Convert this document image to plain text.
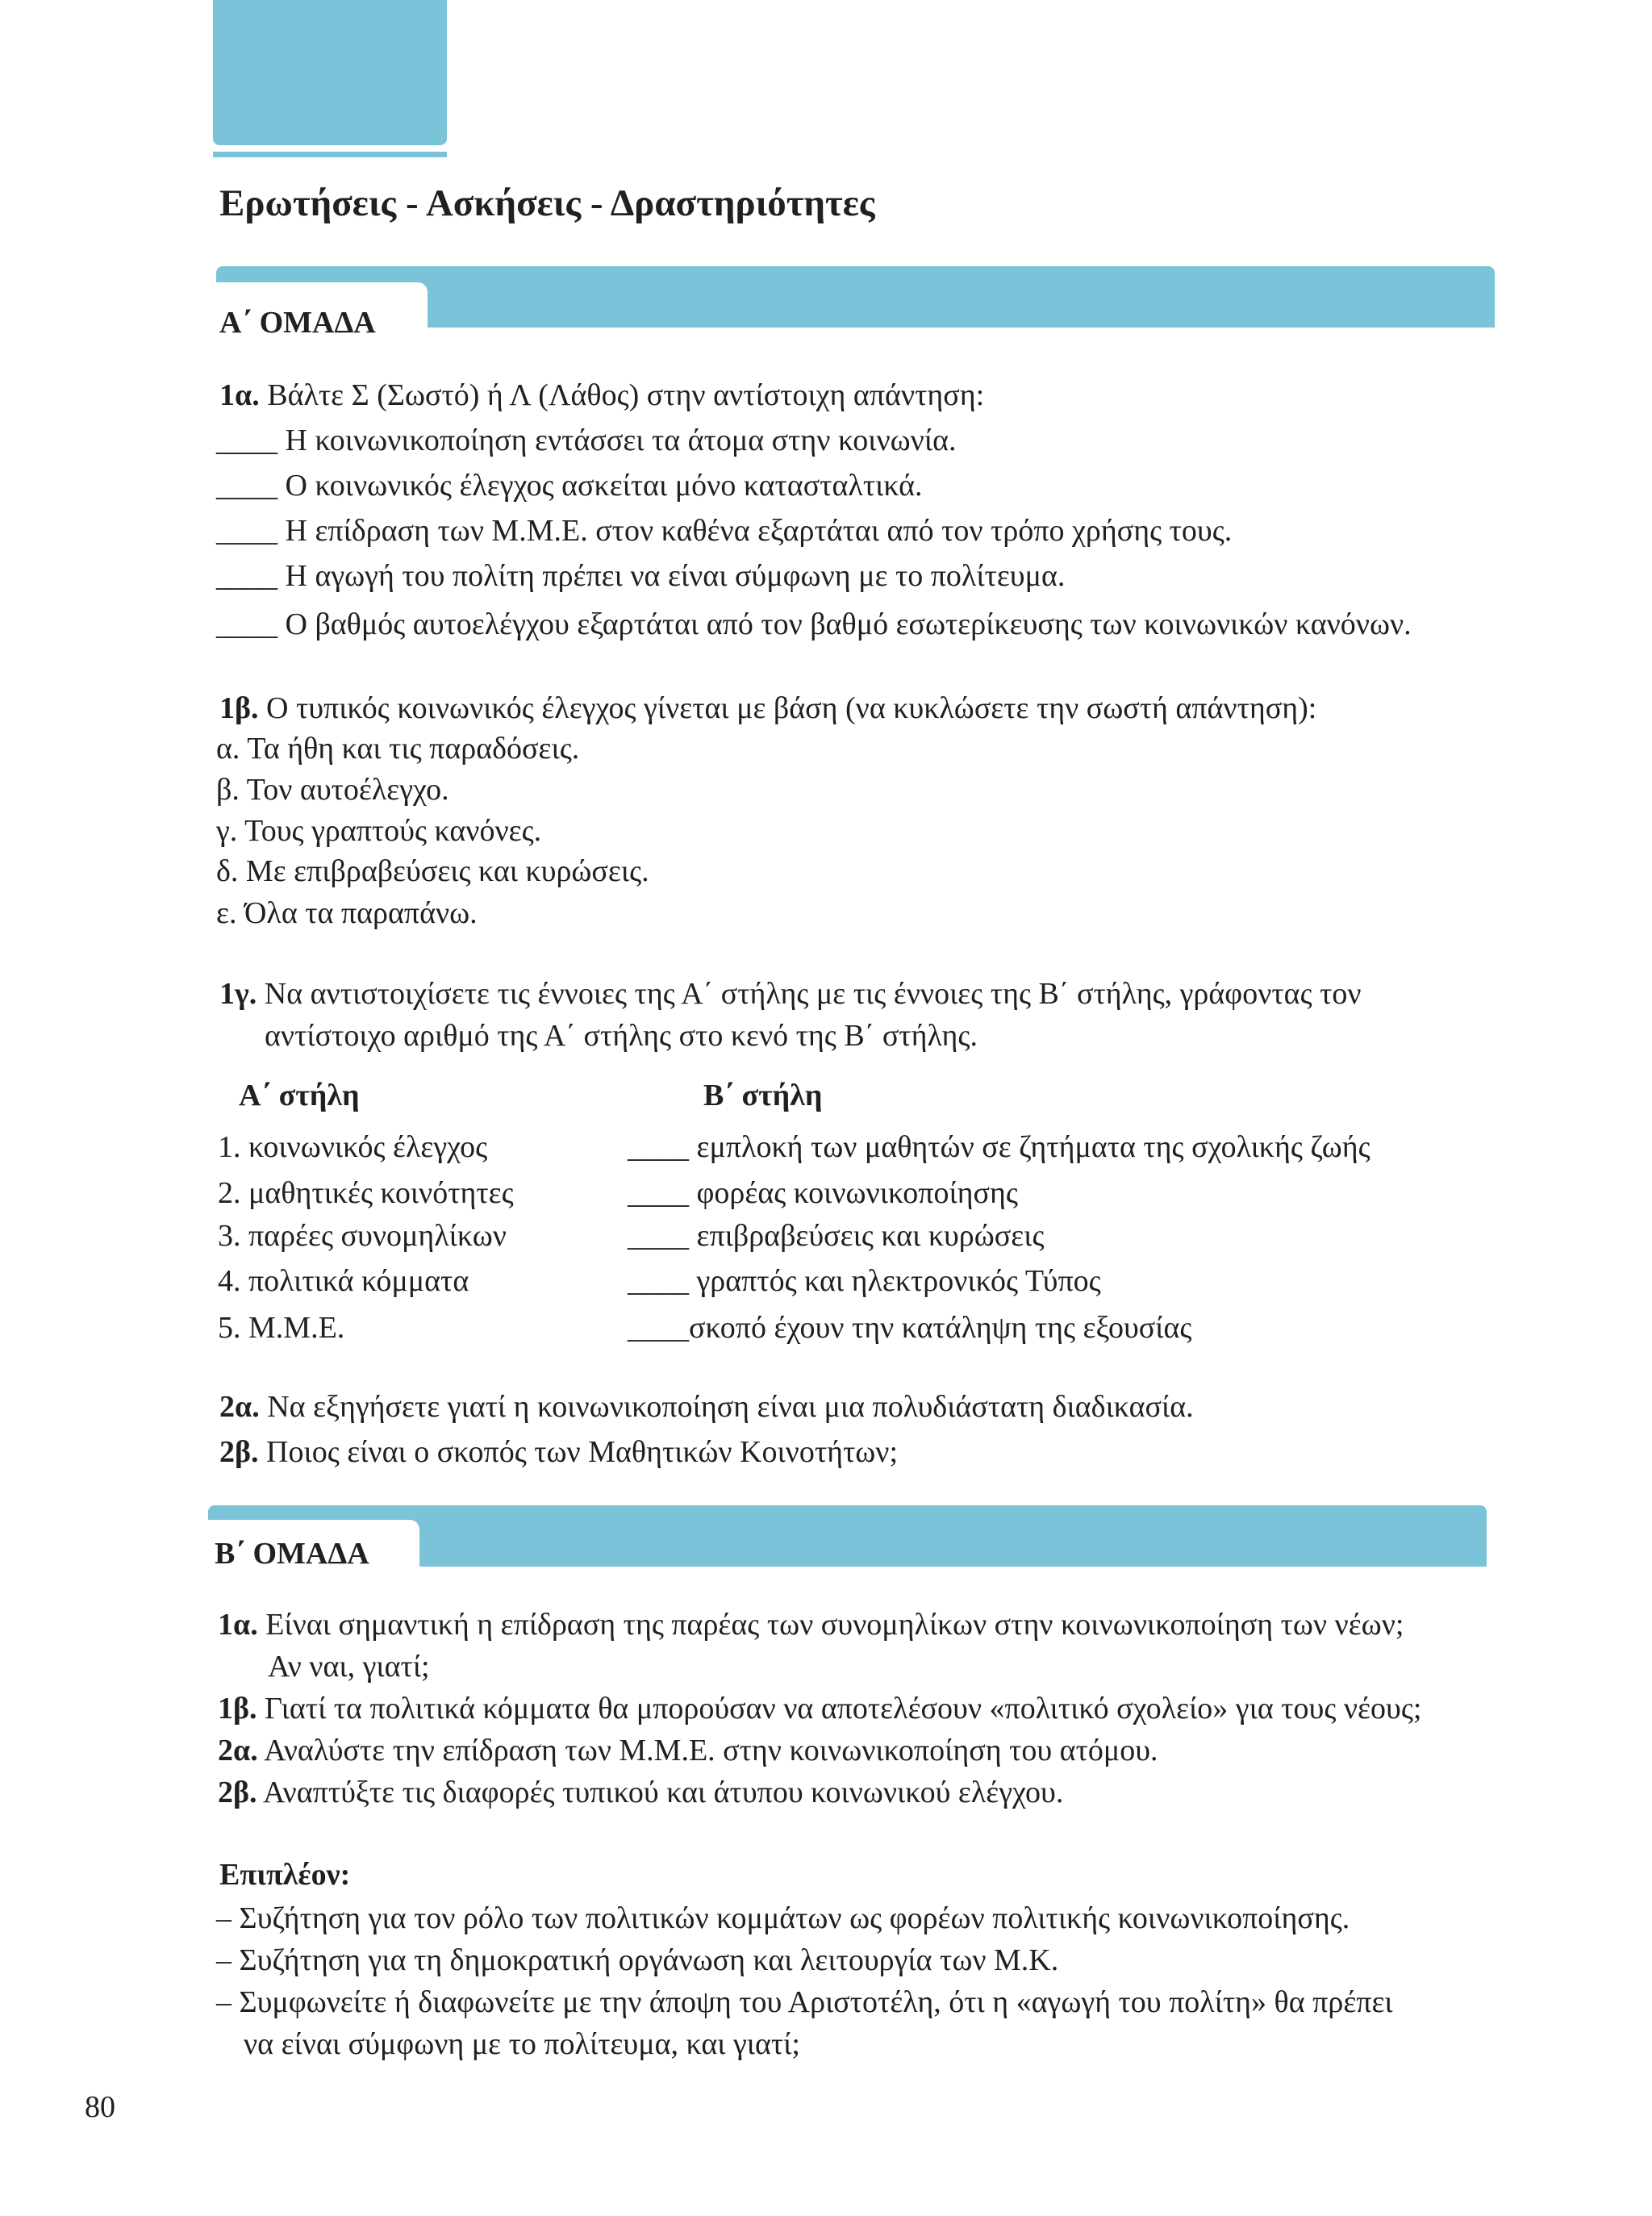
Ερωτήσεις - Ασκήσεις - Δραστηριότητες
Α΄ ΟΜΑΔΑ
1α. Βάλτε Σ (Σωστό) ή Λ (Λάθος) στην αντίστοιχη απάντηση:
____ Η κοινωνικοποίηση εντάσσει τα άτομα στην κοινωνία.
____ Ο κοινωνικός έλεγχος ασκείται μόνο κατασταλτικά.
____ Η επίδραση των Μ.Μ.Ε. στον καθένα εξαρτάται από τον τρόπο χρήσης τους.
____ Η αγωγή του πολίτη πρέπει να είναι σύμφωνη με το πολίτευμα.
____ Ο βαθμός αυτοελέγχου εξαρτάται από τον βαθμό εσωτερίκευσης των κοινωνικών κανόνων.
1β. Ο τυπικός κοινωνικός έλεγχος γίνεται με βάση (να κυκλώσετε την σωστή απάντηση):
α. Τα ήθη και τις παραδόσεις.
β. Τον αυτοέλεγχο.
γ. Τους γραπτούς κανόνες.
δ. Με επιβραβεύσεις και κυρώσεις.
ε. Όλα τα παραπάνω.
1γ. Να αντιστοιχίσετε τις έννοιες της Α΄ στήλης με τις έννοιες της Β΄ στήλης, γράφοντας τον
αντίστοιχο αριθμό της Α΄ στήλης στο κενό της Β΄ στήλης.
Α΄ στήλη	Β΄ στήλη
1. κοινωνικός έλεγχος
2. μαθητικές κοινότητες
3. παρέες συνομηλίκων
4. πολιτικά κόμματα
5. Μ.Μ.Ε.
____ εμπλοκή των μαθητών σε ζητήματα της σχολικής ζωής
____ φορέας κοινωνικοποίησης
____ επιβραβεύσεις και κυρώσεις
____ γραπτός και ηλεκτρονικός Τύπος
____σκοπό έχουν την κατάληψη της εξουσίας
2α. Να εξηγήσετε γιατί η κοινωνικοποίηση είναι μια πολυδιάστατη διαδικασία.
2β. Ποιος είναι ο σκοπός των Μαθητικών Κοινοτήτων;
Β΄ ΟΜΑΔΑ
1α. Είναι σημαντική η επίδραση της παρέας των συνομηλίκων στην κοινωνικοποίηση των νέων;
Αν ναι, γιατί;
1β. Γιατί τα πολιτικά κόμματα θα μπορούσαν να αποτελέσουν «πολιτικό σχολείο» για τους νέους;
2α. Αναλύστε την επίδραση των Μ.Μ.Ε. στην κοινωνικοποίηση του ατόμου.
2β. Αναπτύξτε τις διαφορές τυπικού και άτυπου κοινωνικού ελέγχου.
Επιπλέον:
– Συζήτηση για τον ρόλο των πολιτικών κομμάτων ως φορέων πολιτικής κοινωνικοποίησης.
– Συζήτηση για τη δημοκρατική οργάνωση και λειτουργία των Μ.Κ.
– Συμφωνείτε ή διαφωνείτε με την άποψη του Αριστοτέλη, ότι η «αγωγή του πολίτη» θα πρέπει
να είναι σύμφωνη με το πολίτευμα, και γιατί;
80
